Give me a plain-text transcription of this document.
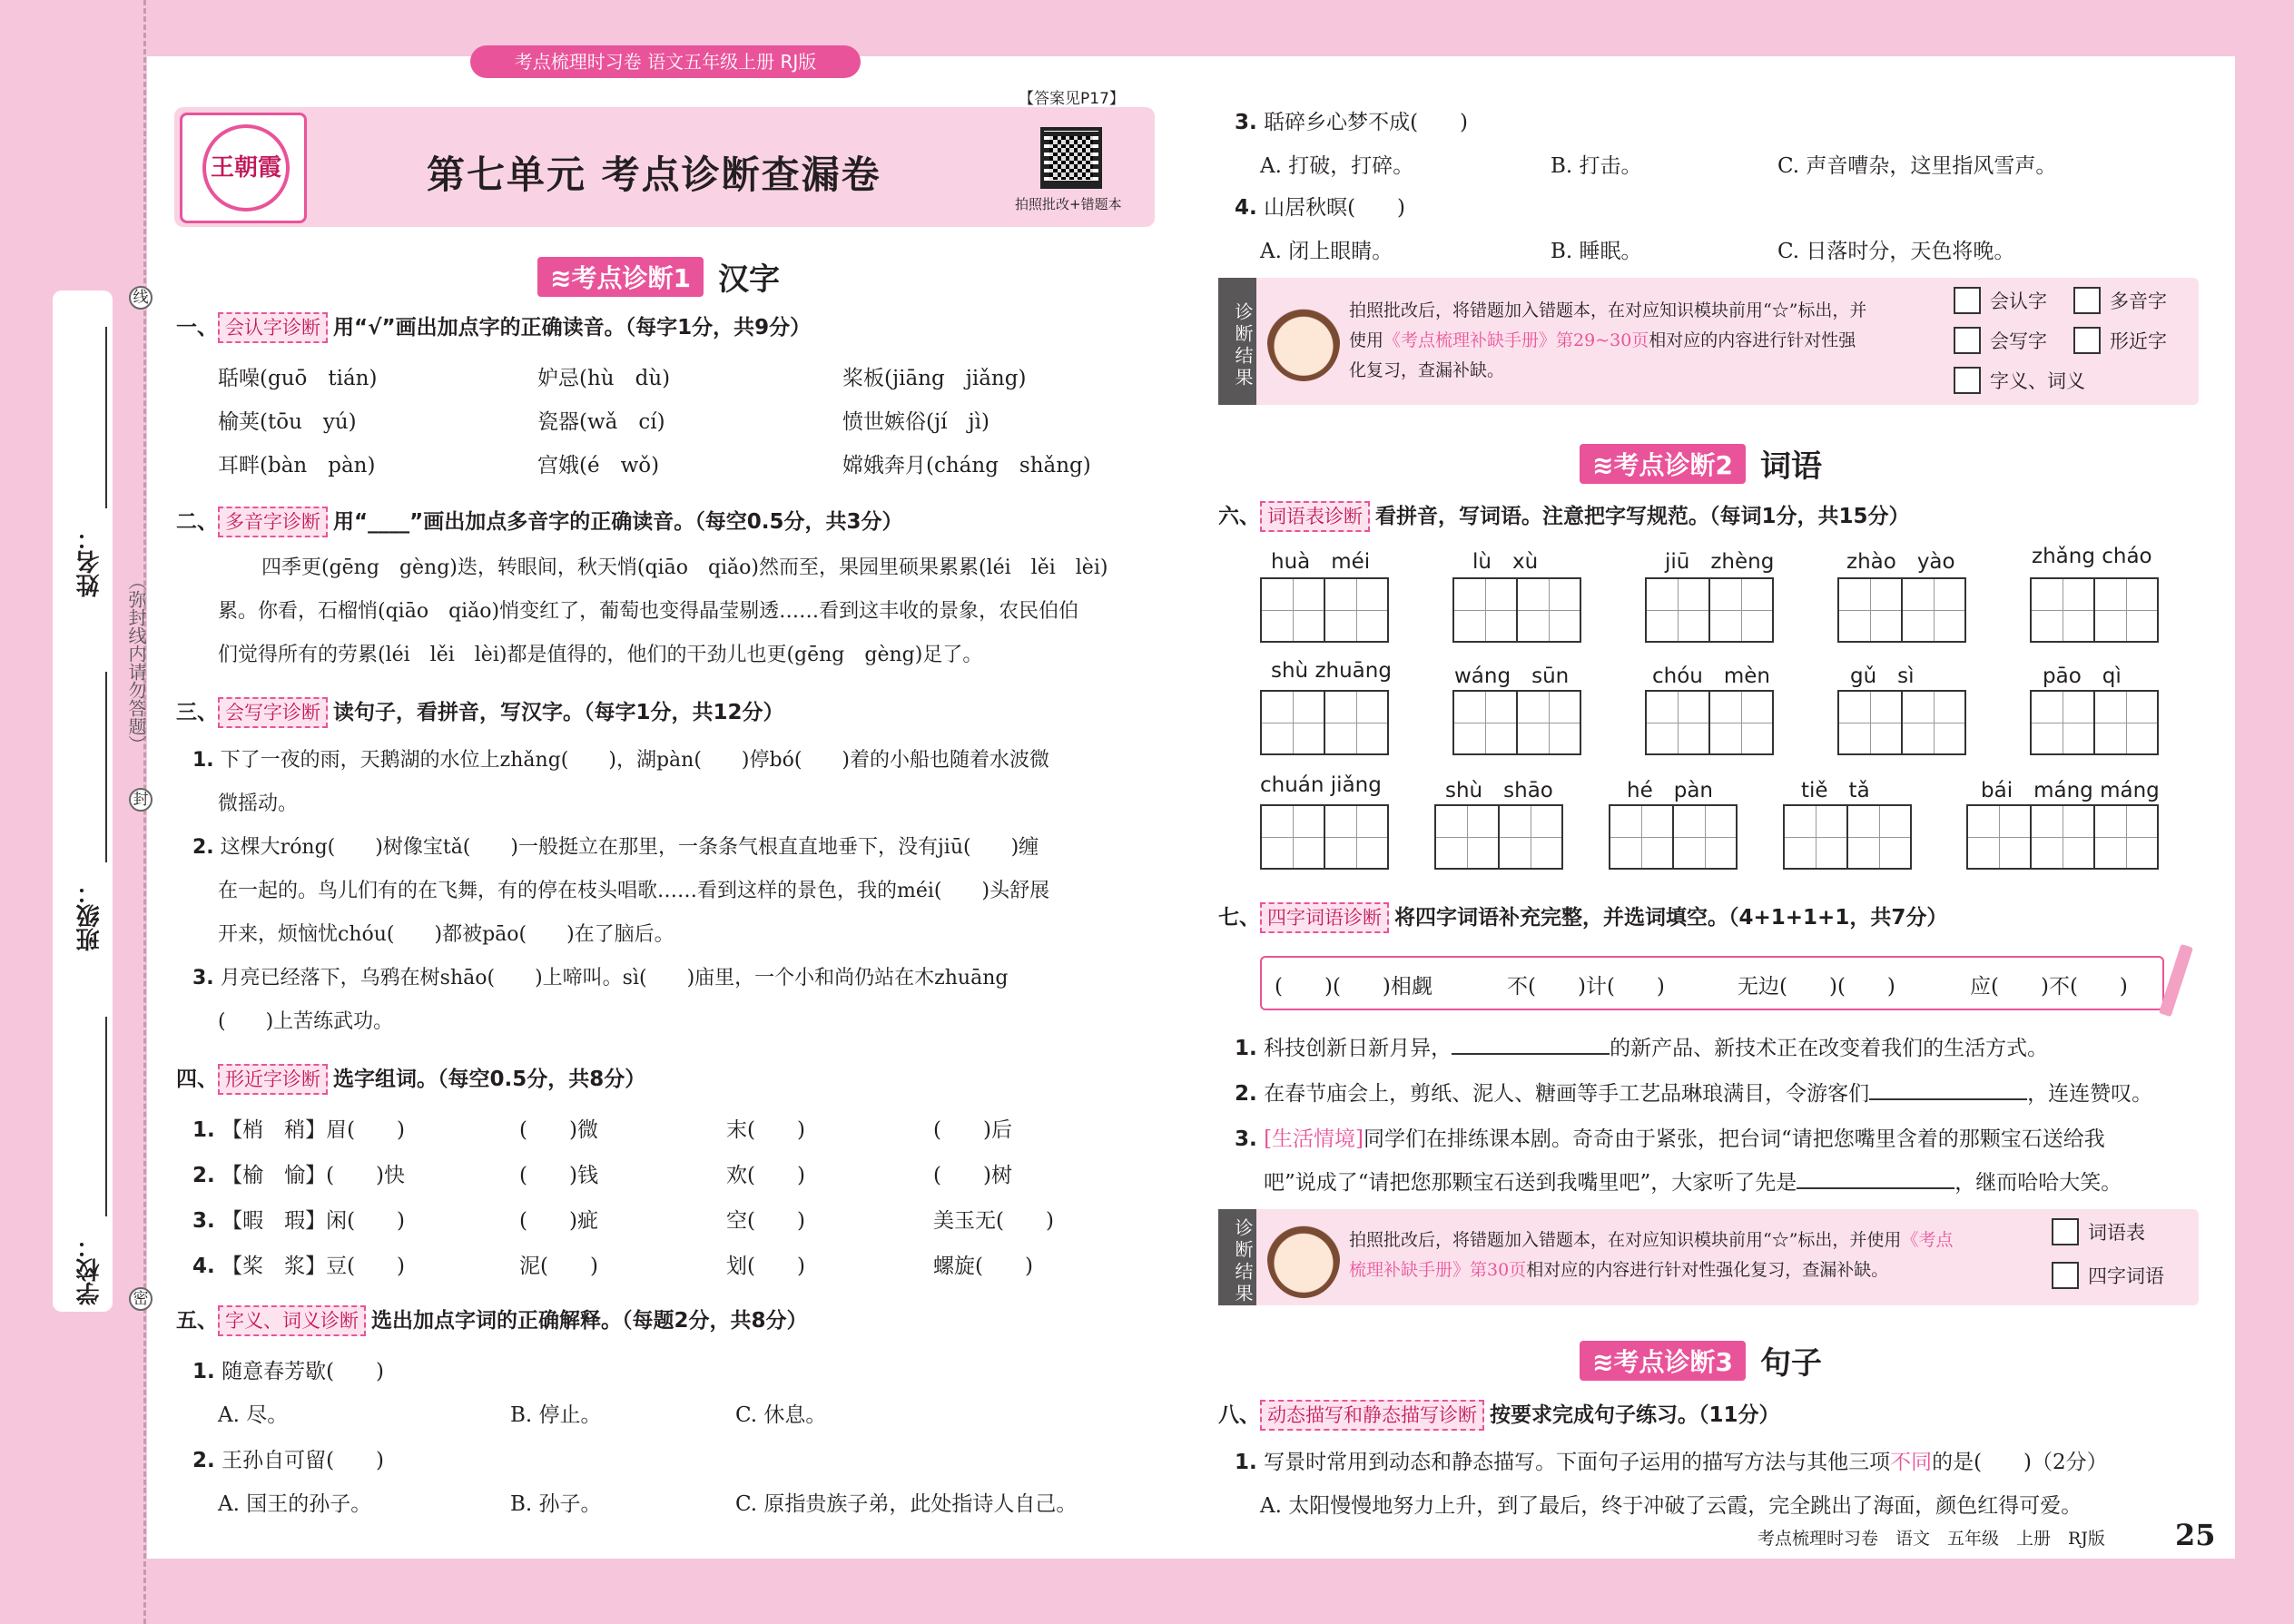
姓名：
班级：
学校：
（弥封线内请勿答题）
线
封
密
考点梳理时习卷 语文五年级上册 RJ版
王朝霞	第七单元 考点诊断查漏卷
【答案见P17】
拍照批改+错题本
≋考点诊断1 汉字
一、 会认字诊断 用“√”画出加点字的正确读音。（每字1分，共9分）
聒噪(guō　tián)	妒忌(hù　dù)	桨板(jiāng　jiǎng)
榆荚(tōu　yú)	瓷器(wǎ　cí)	愤世嫉俗(jí　jì)
耳畔(bàn　pàn)	宫娥(é　wǒ)	嫦娥奔月(cháng　shǎng)
二、 多音字诊断 用“____”画出加点多音字的正确读音。（每空0.5分，共3分）
四季更(gēng　gèng)迭，转眼间，秋天悄(qiāo　qiǎo)然而至，果园里硕果累累(léi　lěi　lèi)
累。你看，石榴悄(qiāo　qiǎo)悄变红了，葡萄也变得晶莹剔透……看到这丰收的景象，农民伯伯
们觉得所有的劳累(léi　lěi　lèi)都是值得的，他们的干劲儿也更(gēng　gèng)足了。
三、 会写字诊断 读句子，看拼音，写汉字。（每字1分，共12分）
1. 下了一夜的雨，天鹅湖的水位上zhǎng(　　)，湖pàn(　　)停bó(　　)着的小船也随着水波微
微摇动。
2. 这棵大róng(　　)树像宝tǎ(　　)一般挺立在那里，一条条气根直直地垂下，没有jiū(　　)缠
在一起的。鸟儿们有的在飞舞，有的停在枝头唱歌……看到这样的景色，我的méi(　　)头舒展
开来，烦恼忧chóu(　　)都被pāo(　　)在了脑后。
3. 月亮已经落下，乌鸦在树shāo(　　)上啼叫。sì(　　)庙里，一个小和尚仍站在木zhuāng
(　　)上苦练武功。
四、 形近字诊断 选字组词。（每空0.5分，共8分）
1. 【梢　稍】眉(　　)	(　　)微	末(　　)	(　　)后
2. 【榆　愉】(　　)快	(　　)钱	欢(　　)	(　　)树
3. 【暇　瑕】闲(　　)	(　　)疵	空(　　)	美玉无(　　)
4. 【桨　浆】豆(　　)	泥(　　)	划(　　)	螺旋(　　)
五、 字义、词义诊断 选出加点字词的正确解释。（每题2分，共8分）
1. 随意春芳歇(　　)
A. 尽。	B. 停止。	C. 休息。
2. 王孙自可留(　　)
A. 国王的孙子。	B. 孙子。	C. 原指贵族子弟，此处指诗人自己。
3. 聒碎乡心梦不成(　　)
A. 打破，打碎。	B. 打击。	C. 声音嘈杂，这里指风雪声。
4. 山居秋暝(　　)
A. 闭上眼睛。	B. 睡眠。	C. 日落时分，天色将晚。
诊断结果	拍照批改后，将错题加入错题本，在对应知识模块前用“☆”标出，并
使用《考点梳理补缺手册》第29~30页相对应的内容进行针对性强
化复习，查漏补缺。
会认字	多音字
会写字	形近字
字义、词义
≋考点诊断2 词语
六、 词语表诊断 看拼音，写词语。注意把字写规范。（每词1分，共15分）
huà　méi	lù　xù	jiū　zhèng	zhào　yào	zhǎng cháo
shù zhuāng	wáng　sūn	chóu　mèn	gǔ　sì	pāo　qì
chuán jiǎng	shù　shāo	hé　pàn	tiě　tǎ	bái　máng máng
七、 四字词语诊断 将四字词语补充完整，并选词填空。（4+1+1+1，共7分）
(　　)(　　)相觑	不(　　)计(　　)	无边(　　)(　　)	应(　　)不(　　)
1. 科技创新日新月异，	的新产品、新技术正在改变着我们的生活方式。
2. 在春节庙会上，剪纸、泥人、糖画等手工艺品琳琅满目，令游客们	，连连赞叹。
3. [生活情境]同学们在排练课本剧。奇奇由于紧张，把台词“请把您嘴里含着的那颗宝石送给我
吧”说成了“请把您那颗宝石送到我嘴里吧”，大家听了先是	，继而哈哈大笑。
诊断结果	拍照批改后，将错题加入错题本，在对应知识模块前用“☆”标出，并使用《考点
梳理补缺手册》第30页相对应的内容进行针对性强化复习，查漏补缺。
词语表
四字词语
≋考点诊断3 句子
八、 动态描写和静态描写诊断 按要求完成句子练习。（11分）
1. 写景时常用到动态和静态描写。下面句子运用的描写方法与其他三项不同的是(　　)（2分）
A. 太阳慢慢地努力上升，到了最后，终于冲破了云霞，完全跳出了海面，颜色红得可爱。
考点梳理时习卷　语文　五年级　上册　RJ版 25
